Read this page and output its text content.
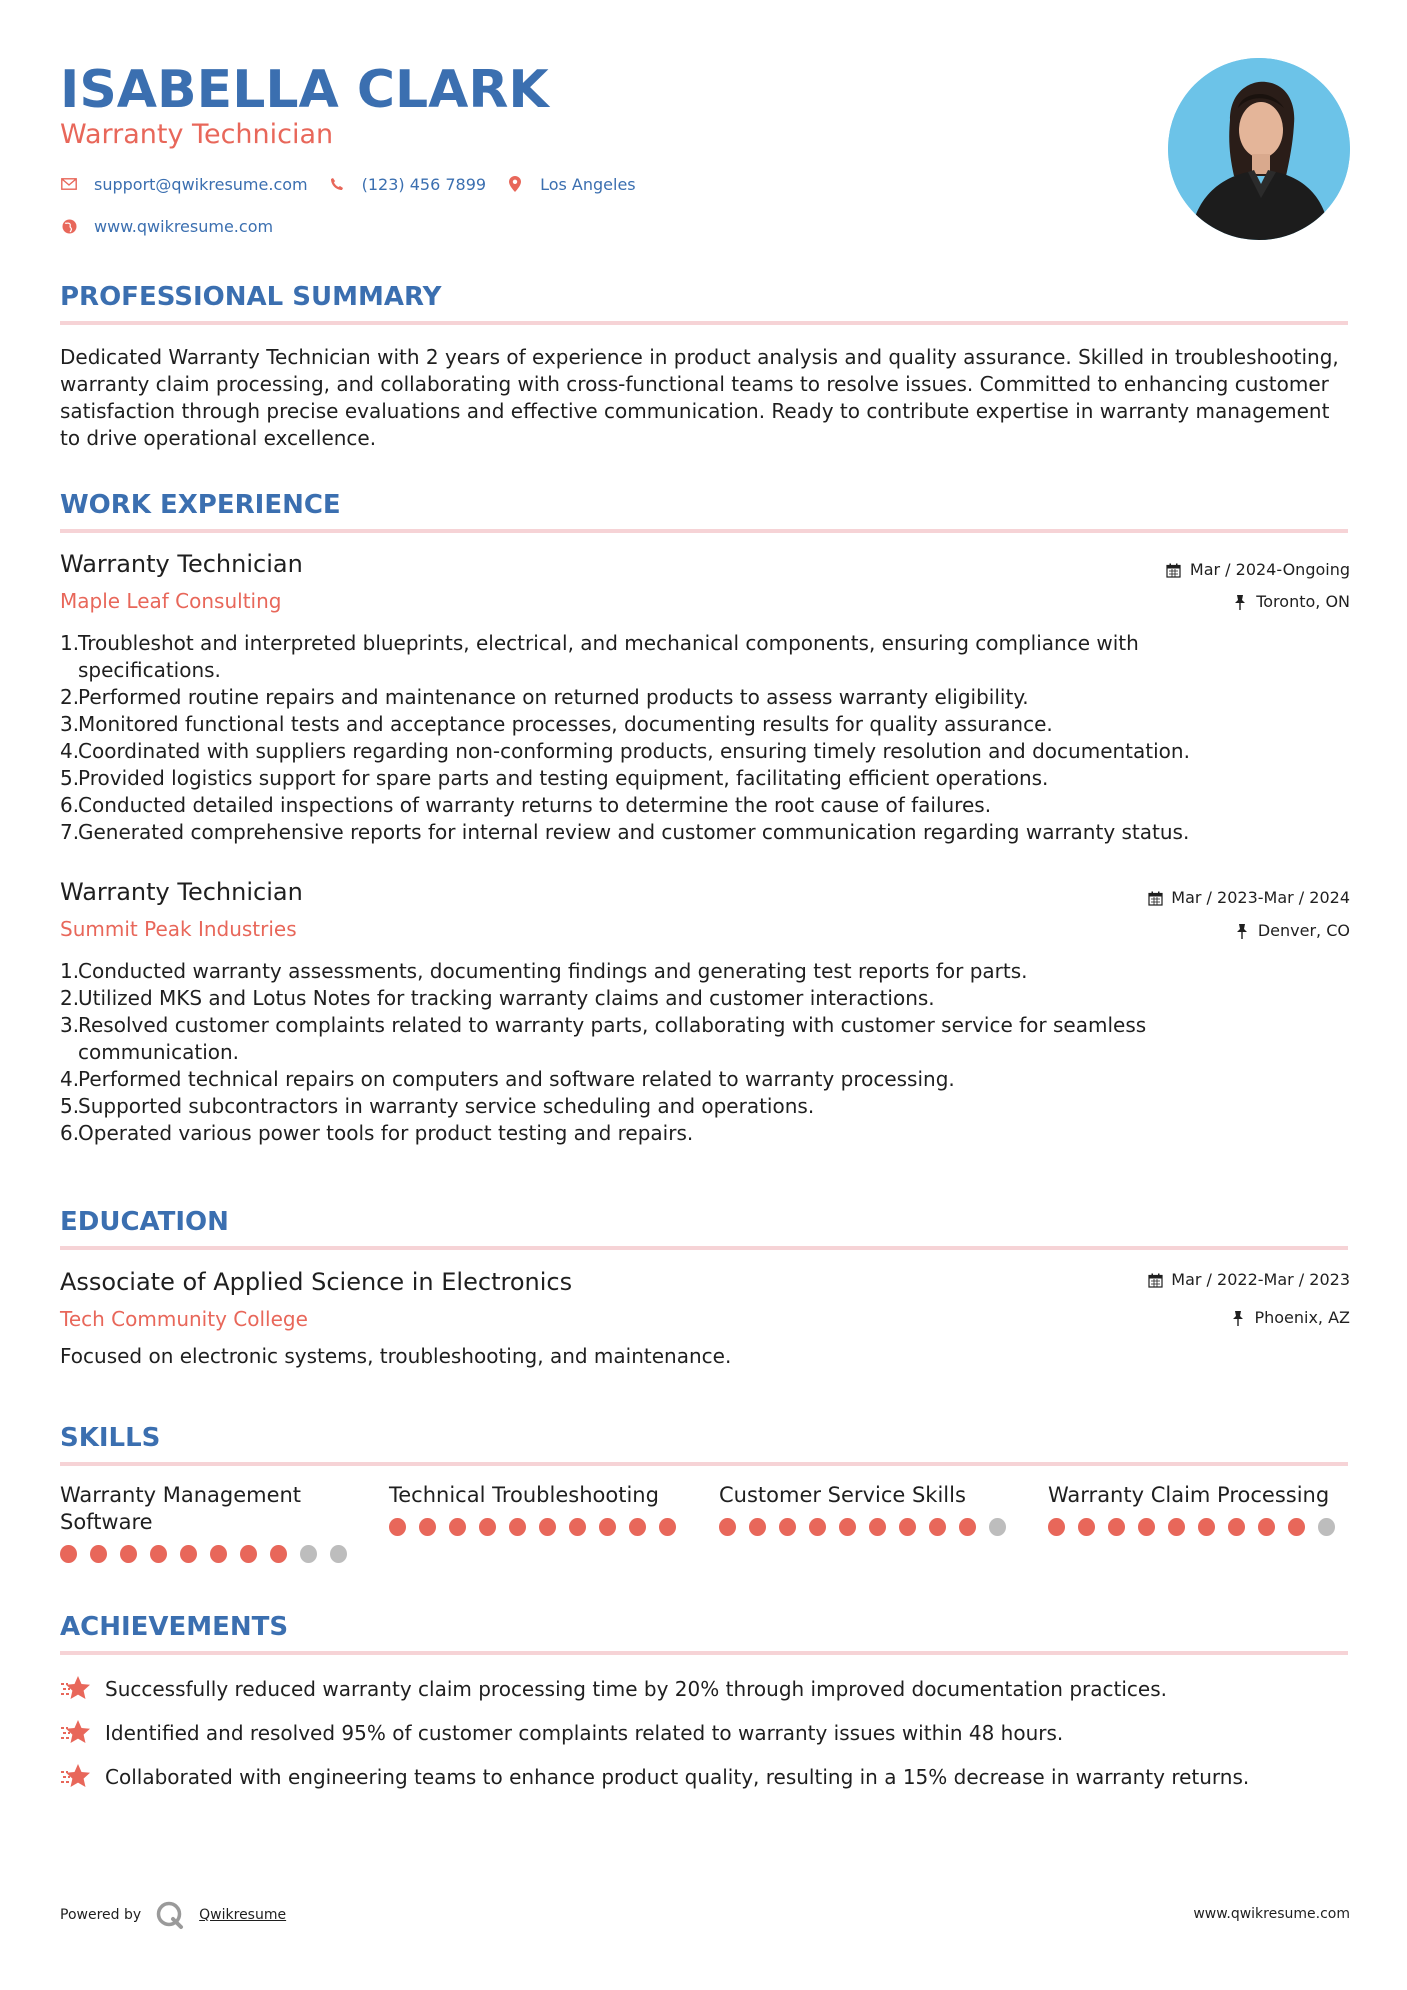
ISABELLA CLARK
Warranty Technician
support@qwikresume.com	(123) 456 7899	Los Angeles
www.qwikresume.com
PROFESSIONAL SUMMARY
Dedicated Warranty Technician with 2 years of experience in product analysis and quality assurance. Skilled in troubleshooting, warranty claim processing, and collaborating with cross-functional teams to resolve issues. Committed to enhancing customer satisfaction through precise evaluations and effective communication. Ready to contribute expertise in warranty management to drive operational excellence.
WORK EXPERIENCE
Warranty Technician
Maple Leaf Consulting
Mar / 2024-Ongoing
Toronto, ON
1.
Troubleshot and interpreted blueprints, electrical, and mechanical components, ensuring compliance with specifications.
2.
Performed routine repairs and maintenance on returned products to assess warranty eligibility.
3.
Monitored functional tests and acceptance processes, documenting results for quality assurance.
4.
Coordinated with suppliers regarding non-conforming products, ensuring timely resolution and documentation.
5.
Provided logistics support for spare parts and testing equipment, facilitating efficient operations.
6.
Conducted detailed inspections of warranty returns to determine the root cause of failures.
7.
Generated comprehensive reports for internal review and customer communication regarding warranty status.
Warranty Technician
Summit Peak Industries
Mar / 2023-Mar / 2024
Denver, CO
1.
Conducted warranty assessments, documenting findings and generating test reports for parts.
2.
Utilized MKS and Lotus Notes for tracking warranty claims and customer interactions.
3.
Resolved customer complaints related to warranty parts, collaborating with customer service for seamless communication.
4.
Performed technical repairs on computers and software related to warranty processing.
5.
Supported subcontractors in warranty service scheduling and operations.
6.
Operated various power tools for product testing and repairs.
EDUCATION
Associate of Applied Science in Electronics
Tech Community College
Mar / 2022-Mar / 2023
Phoenix, AZ
Focused on electronic systems, troubleshooting, and maintenance.
SKILLS
Warranty Management Software
Technical Troubleshooting	Customer Service Skills	Warranty Claim Processing
ACHIEVEMENTS
Successfully reduced warranty claim processing time by 20% through improved documentation practices.
Identified and resolved 95% of customer complaints related to warranty issues within 48 hours.
Collaborated with engineering teams to enhance product quality, resulting in a 15% decrease in warranty returns.
Powered by	Qwikresume	www.qwikresume.com
